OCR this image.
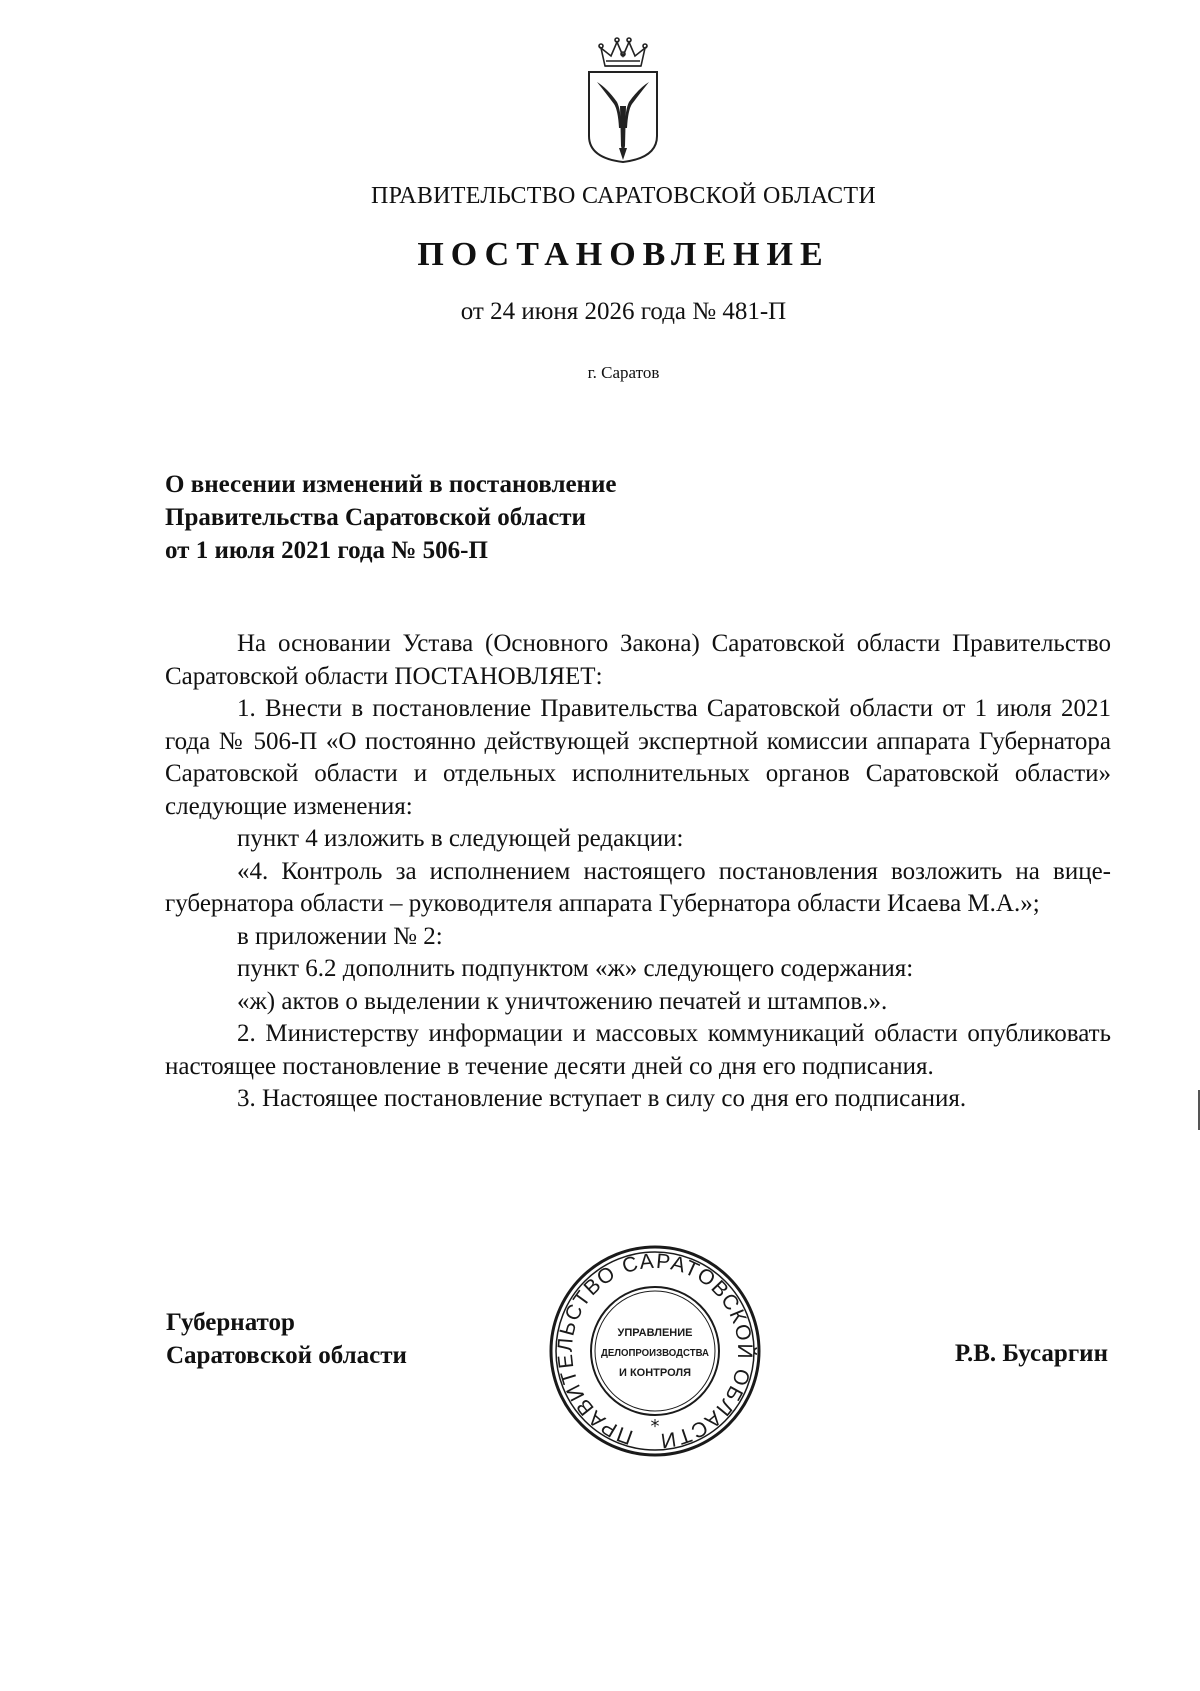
ПРАВИТЕЛЬСТВО САРАТОВСКОЙ ОБЛАСТИ
ПОСТАНОВЛЕНИЕ
от 24 июня 2026 года № 481-П
г. Саратов
О внесении изменений в постановление
Правительства Саратовской области
от 1 июля 2021 года № 506-П

На основании Устава (Основного Закона) Саратовской области Правительство Саратовской области ПОСТАНОВЛЯЕТ:

1. Внести в постановление Правительства Саратовской области от 1 июля 2021 года № 506-П «О постоянно действующей экспертной комиссии аппарата Губернатора Саратовской области и отдельных исполнительных органов Саратовской области» следующие изменения:

пункт 4 изложить в следующей редакции:

«4. Контроль за исполнением настоящего постановления возложить на вице-губернатора области – руководителя аппарата Губернатора области Исаева М.А.»;

в приложении № 2:

пункт 6.2 дополнить подпунктом «ж» следующего содержания:

«ж) актов о выделении к уничтожению печатей и штампов.».

2. Министерству информации и массовых коммуникаций области опубликовать настоящее постановление в течение десяти дней со дня его подписания.

3. Настоящее постановление вступает в силу со дня его подписания.

Губернатор
Саратовской области
ПРАВИТЕЛЬСТВО САРАТОВСКОЙ ОБЛАСТИ
*
УПРАВЛЕНИЕ
ДЕЛОПРОИЗВОДСТВА
И КОНТРОЛЯ
Р.В. Бусаргин
